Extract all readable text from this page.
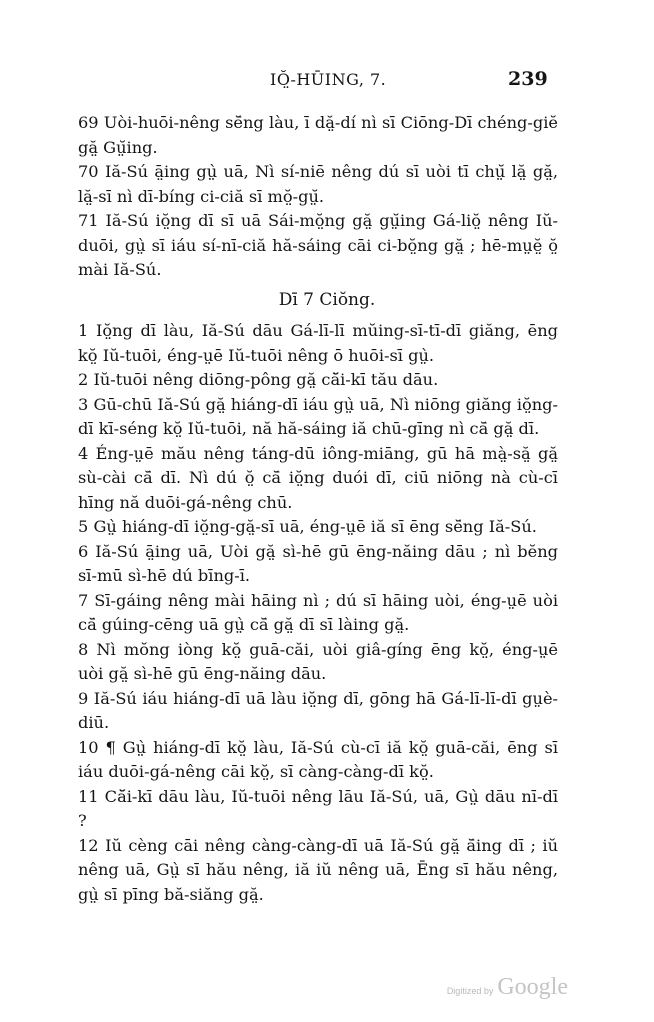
IŎ̤-HŪING, 7.	239

69 Uòi-huōi-nêng sĕ̄ng làu, ī dă̤-dí nì sī Ciōng-Dī chéng-giĕ gă̤ Gṳ̆ing.

70 Iă-Sú ā̤ing gṳ̀ uā, Nì sí-niē nêng dú sī uòi tī chṳ̆ lă̤ gă̤, lă̤-sī nì dī-bíng ci-ciă sī mŏ̤-gṳ̆.

71 Iă-Sú iŏ̤ng dī sī uā Sái-mŏ̤ng gă̤ gṳ̆ing Gá-liŏ̤ nêng Iŭ-duōi, gṳ̀ sī iáu sí-nī-ciă hă-sáing cāi ci-bŏ̤ng gă̤ ; hē-mṳĕ̤ ŏ̤ mài Iă-Sú.

Dī 7 Ciŏng.

1 Iŏ̤ng dī làu, Iă-Sú dāu Gá-lī-lī mŭing-sī-tī-dī giăng, ēng kŏ̤ Iŭ-tuōi, éng-ṳē Iŭ-tuōi nêng ō huōi-sī gṳ̀.

2 Iŭ-tuōi nêng diōng-pông gă̤ că̆i-kī tău dāu.

3 Gū-chū Iă-Sú gă̤ hiáng-dī iáu gṳ̀ uā, Nì niōng giăng iŏ̤ng-dī kī-séng kŏ̤ Iŭ-tuōi, nă hă-sáing iă chū-gīng nì că̄ gă̤ dī.

4 Éng-ṳē mău nêng táng-dū iông-miāng, gū hā mà̤-să̤ gă̤ sù-cài că̄ dī. Nì dú ŏ̤ că̄ iŏ̤ng duói dī, ciū niōng nà cù-cī hīng nă duōi-gá-nêng chū.

5 Gṳ̀ hiáng-dī iŏ̤ng-gă̤-sī uā, éng-ṳē iă sī ēng sĕ̄ng Iă-Sú.

6 Iă-Sú ā̤ing uā, Uòi gă̤ sì-hē gū ēng-năing dāu ; nì bĕng sī-mū sì-hē dú bīng-ī.

7 Sī-gáing nêng mài hāing nì ; dú sī hāing uòi, éng-ṳē uòi că̄ gúing-cēng uā gṳ̀ că̄ gă̤ dī sī làing gă̤.

8 Nì mŏng iòng kŏ̤ guā-căi, uòi giâ-gíng ēng kŏ̤, éng-ṳē uòi gă̤ sì-hē gū ēng-năing dāu.

9 Iă-Sú iáu hiáng-dī uā làu iŏ̤ng dī, gōng hā Gá-lī-lī-dī gṳè-diū.

10 ¶ Gṳ̀ hiáng-dī kŏ̤ làu, Iă-Sú cù-cī iă kŏ̤ guā-căi, ēng sī iáu duōi-gá-nêng cāi kŏ̤, sī càng-càng-dī kŏ̤.

11 Că̆i-kī dāu làu, Iŭ-tuōi nêng lāu Iă-Sú, uā, Gṳ̀ dāu nī-dī ?

12 Iŭ cèng cāi nêng càng-càng-dī uā Iă-Sú gă̤ ă̄ing dī ; iŭ nêng uā, Gṳ̀ sī hău nêng, iă iŭ nêng uā, Ēng sī hău nêng, gṳ̀ sī pīng bă-siăng gă̤.

Digitized by Google
